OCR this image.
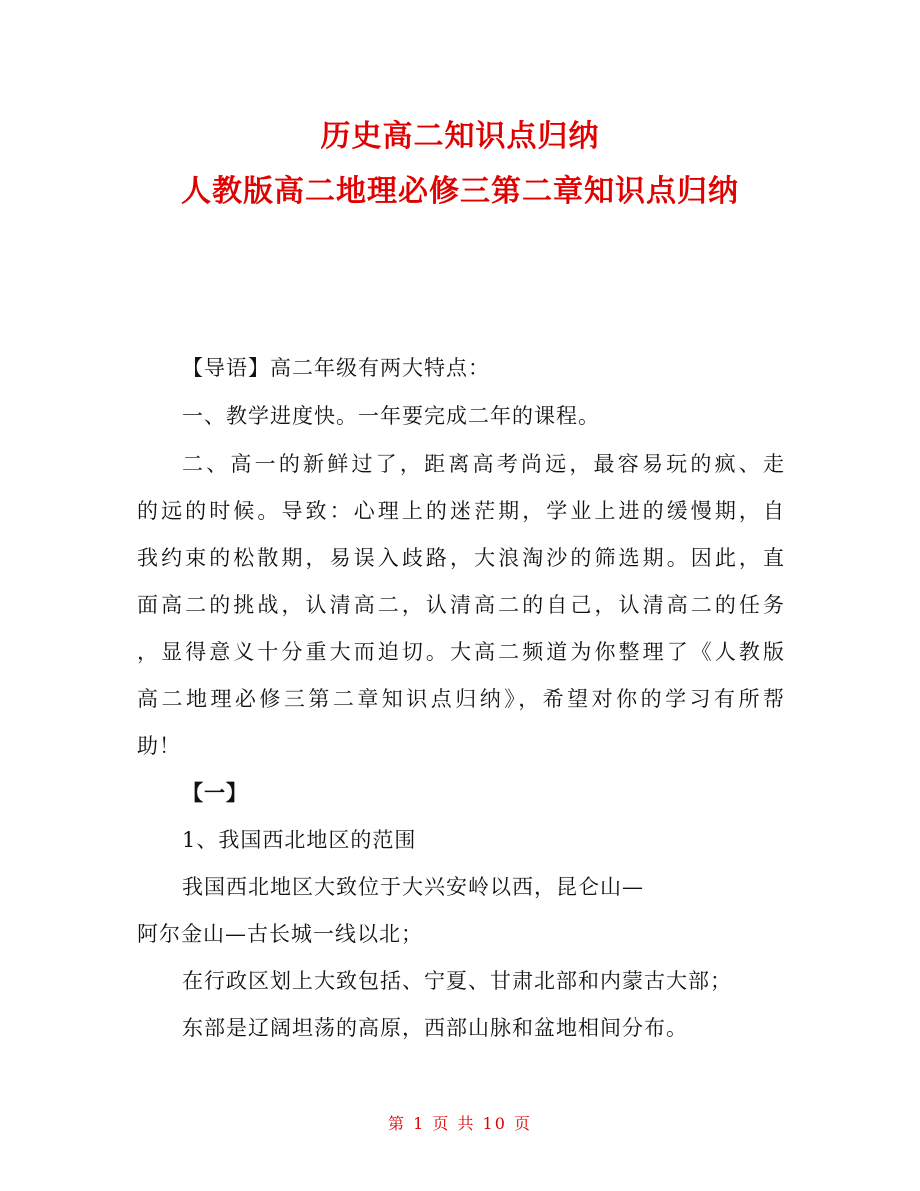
历史高二知识点归纳
人教版高二地理必修三第二章知识点归纳
【导语】高二年级有两大特点：
一、教学进度快。一年要完成二年的课程。
二、高一的新鲜过了，距离高考尚远，最容易玩的疯、走
的远的时候。导致：心理上的迷茫期，学业上进的缓慢期，自
我约束的松散期，易误入歧路，大浪淘沙的筛选期。因此，直
面高二的挑战，认清高二，认清高二的自己，认清高二的任务
，显得意义十分重大而迫切。大高二频道为你整理了《人教版
高二地理必修三第二章知识点归纳》，希望对你的学习有所帮
助！
【一】
1、我国西北地区的范围
我国西北地区大致位于大兴安岭以西，昆仑山—
阿尔金山—古长城一线以北；
在行政区划上大致包括、宁夏、甘肃北部和内蒙古大部；
东部是辽阔坦荡的高原，西部山脉和盆地相间分布。
第 1 页 共 10 页
